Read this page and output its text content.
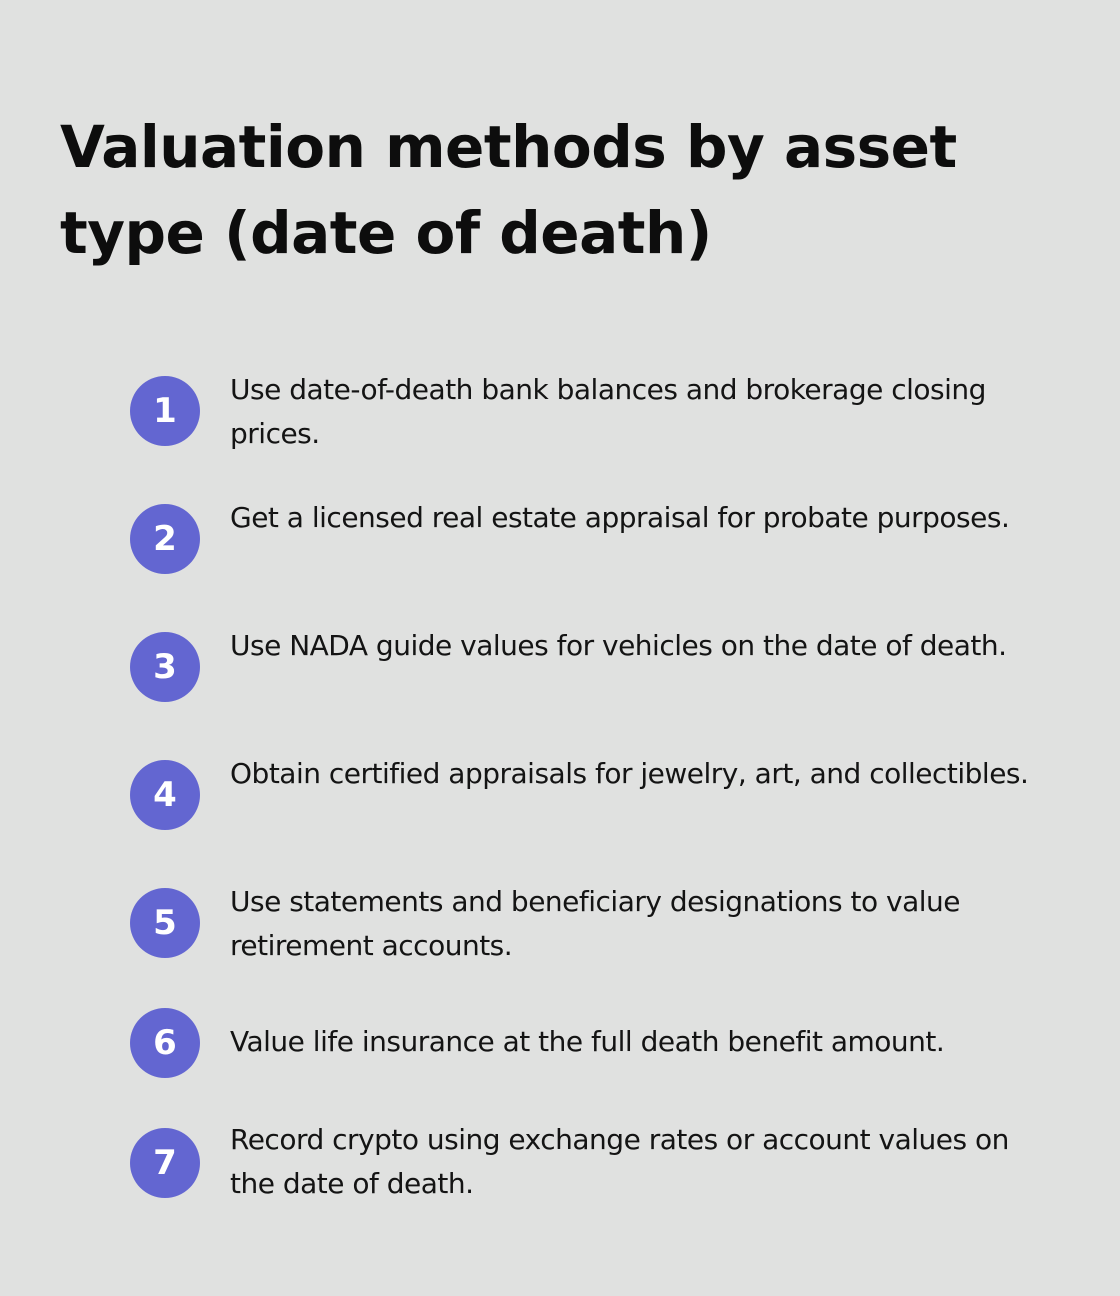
Valuation methods by asset
type (date of death)
1
Use date-of-death bank balances and brokerage closing prices.
2
Get a licensed real estate appraisal for probate purposes.
3
Use NADA guide values for vehicles on the date of death.
4
Obtain certified appraisals for jewelry, art, and collectibles.
5
Use statements and beneficiary designations to value retirement accounts.
6	Value life insurance at the full death benefit amount.
7
Record crypto using exchange rates or account values on the date of death.
